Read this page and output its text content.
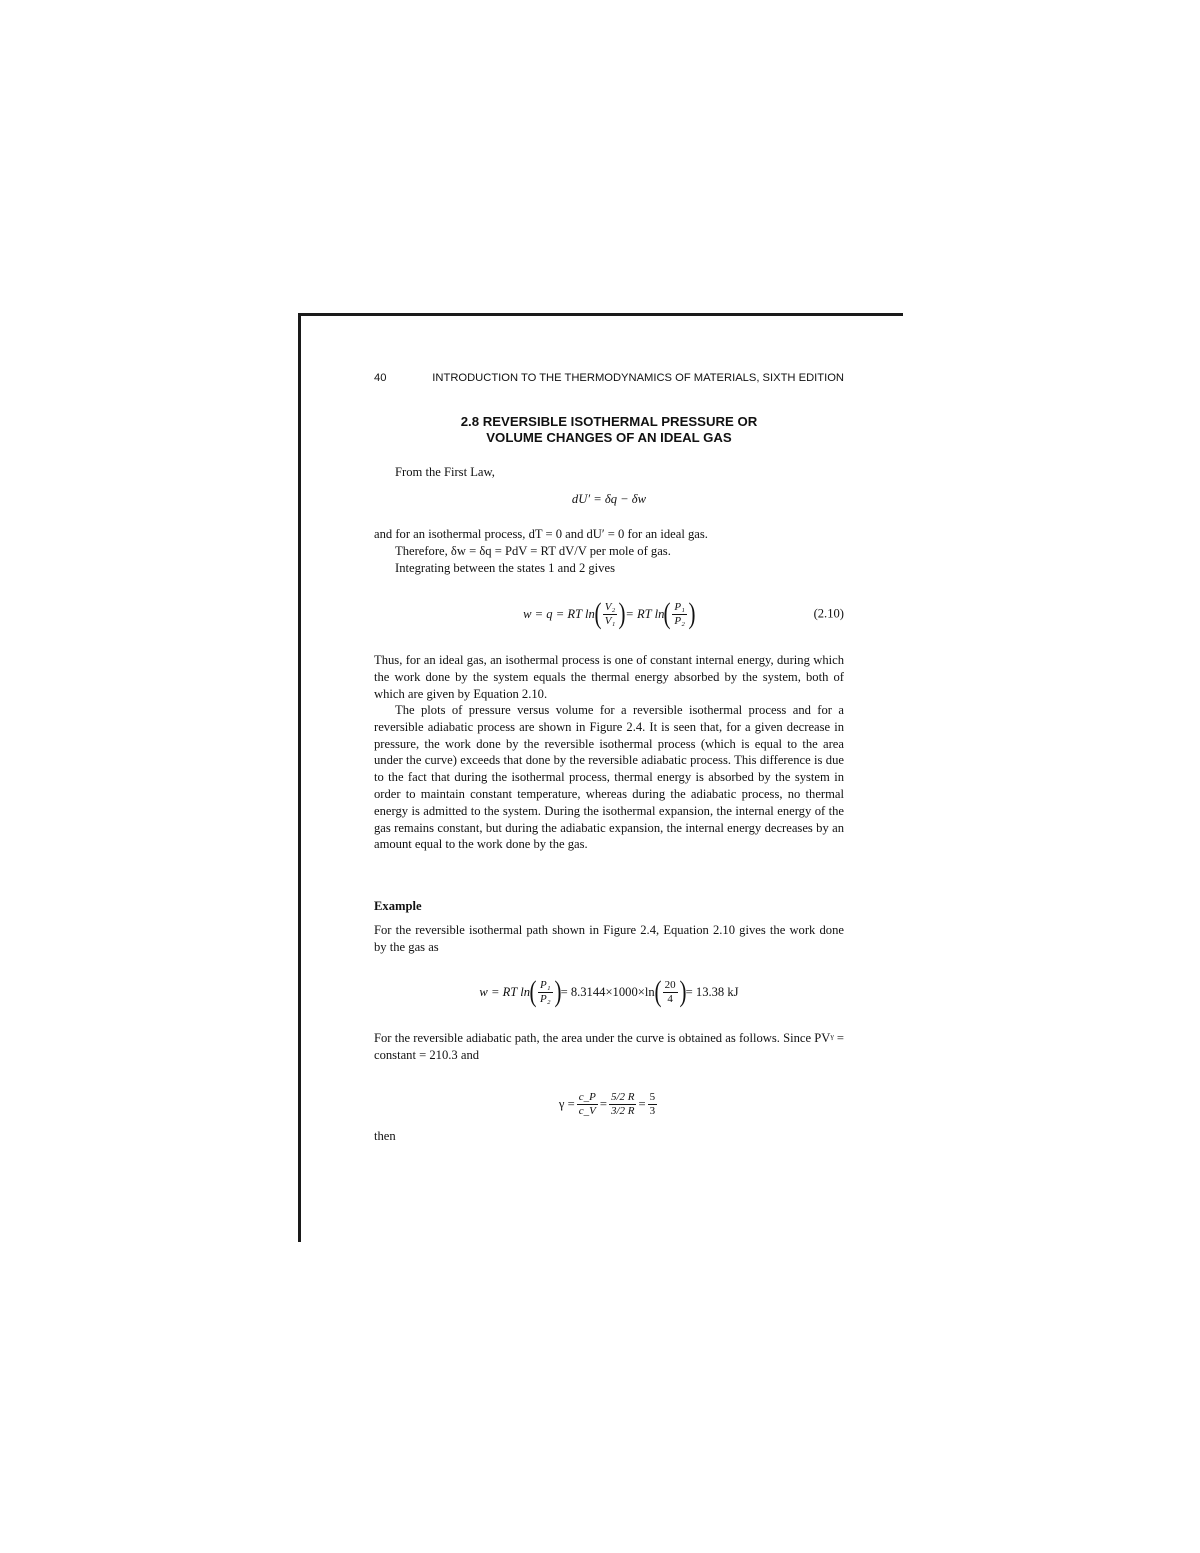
40	INTRODUCTION TO THE THERMODYNAMICS OF MATERIALS, SIXTH EDITION
2.8 REVERSIBLE ISOTHERMAL PRESSURE OR
VOLUME CHANGES OF AN IDEAL GAS
From the First Law,
dU′ = δq − δw
and for an isothermal process, dT = 0 and dU′ = 0 for an ideal gas.
Therefore, δw = δq = PdV = RT dV/V per mole of gas.
Integrating between the states 1 and 2 gives
w = q = RT ln ( $\frac{\text{V₂}}{\text{V₁}}$ ) = RT ln ( $\frac{\text{P₁}}{\text{P₂}}$ )	(2.10)
Thus, for an ideal gas, an isothermal process is one of constant internal energy, during which the work done by the system equals the thermal energy absorbed by the system, both of which are given by Equation 2.10.
The plots of pressure versus volume for a reversible isothermal process and for a reversible adiabatic process are shown in Figure 2.4. It is seen that, for a given decrease in pressure, the work done by the reversible isothermal process (which is equal to the area under the curve) exceeds that done by the reversible adiabatic process. This difference is due to the fact that during the isothermal process, thermal energy is absorbed by the system in order to maintain constant temperature, whereas during the adiabatic process, no thermal energy is admitted to the system. During the isothermal expansion, the internal energy of the gas remains constant, but during the adiabatic expansion, the internal energy decreases by an amount equal to the work done by the gas.
Example
For the reversible isothermal path shown in Figure 2.4, Equation 2.10 gives the work done by the gas as
w = RT ln ( $\frac{\text{P₁}}{\text{P₂}}$ ) = 8.3144×1000×ln ( $\frac{20}{4}$ ) = 13.38 kJ
For the reversible adiabatic path, the area under the curve is obtained as follows. Since PVᵞ = constant = 210.3 and
$\gamma = \frac{c\_P}{c\_V} = \frac{5/2 R}{3/2 R} = \frac{5}{3}$
then
